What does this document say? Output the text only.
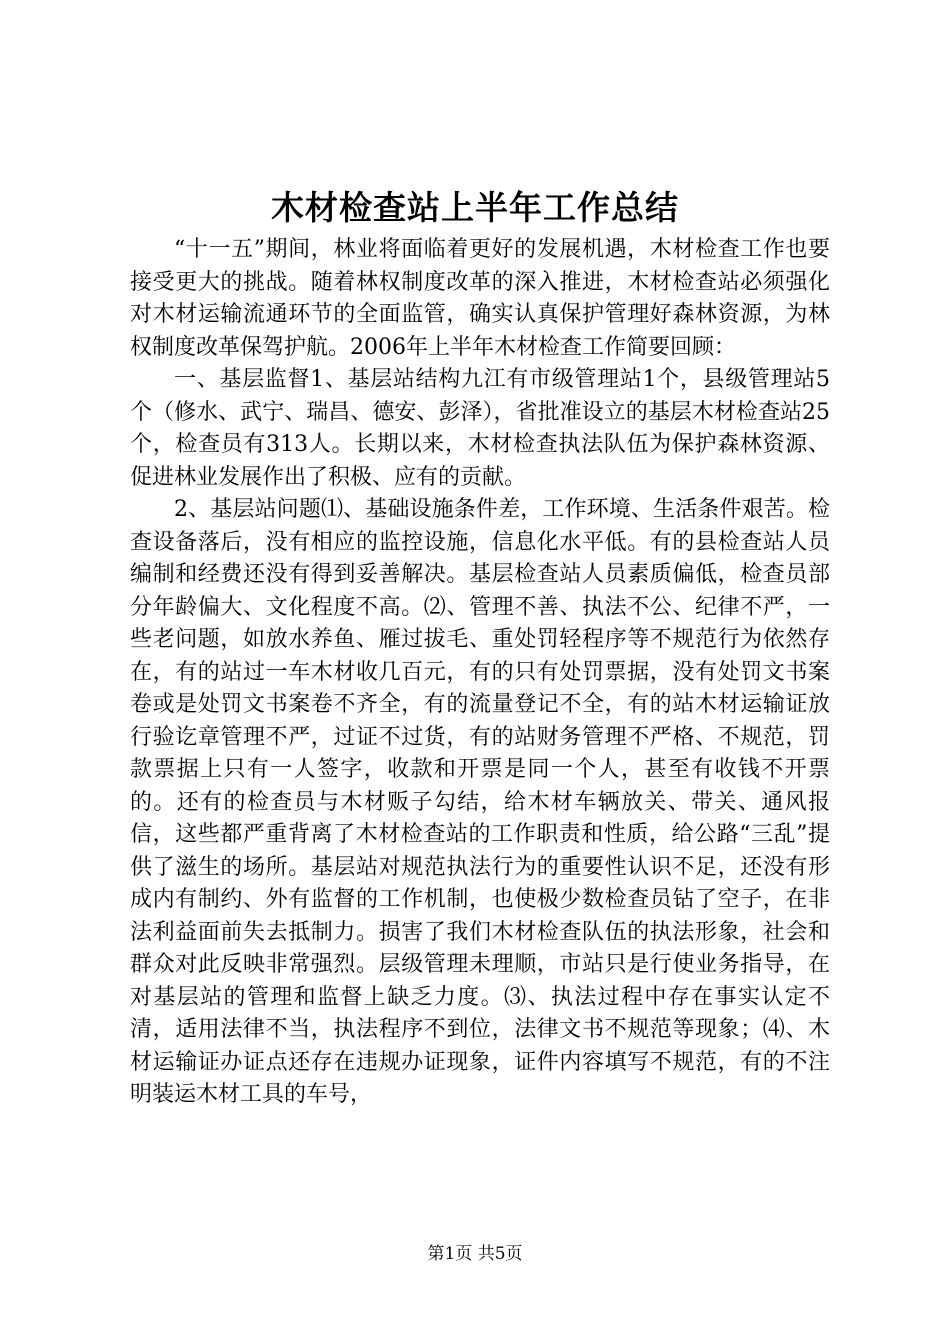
木材检查站上半年工作总结

“十一五”期间，林业将面临着更好的发展机遇，木材检查工作也要接受更大的挑战。随着林权制度改革的深入推进，木材检查站必须强化对木材运输流通环节的全面监管，确实认真保护管理好森林资源，为林权制度改革保驾护航。2006年上半年木材检查工作简要回顾：

一、基层监督1、基层站结构九江有市级管理站1个，县级管理站5个（修水、武宁、瑞昌、德安、彭泽），省批准设立的基层木材检查站25个，检查员有313人。长期以来，木材检查执法队伍为保护森林资源、促进林业发展作出了积极、应有的贡献。

2、基层站问题⑴、基础设施条件差，工作环境、生活条件艰苦。检查设备落后，没有相应的监控设施，信息化水平低。有的县检查站人员编制和经费还没有得到妥善解决。基层检查站人员素质偏低，检查员部分年龄偏大、文化程度不高。⑵、管理不善、执法不公、纪律不严，一些老问题，如放水养鱼、雁过拔毛、重处罚轻程序等不规范行为依然存在，有的站过一车木材收几百元，有的只有处罚票据，没有处罚文书案卷或是处罚文书案卷不齐全，有的流量登记不全，有的站木材运输证放行验讫章管理不严，过证不过货，有的站财务管理不严格、不规范，罚款票据上只有一人签字，收款和开票是同一个人，甚至有收钱不开票的。还有的检查员与木材贩子勾结，给木材车辆放关、带关、通风报信，这些都严重背离了木材检查站的工作职责和性质，给公路“三乱”提供了滋生的场所。基层站对规范执法行为的重要性认识不足，还没有形成内有制约、外有监督的工作机制，也使极少数检查员钻了空子，在非法利益面前失去抵制力。损害了我们木材检查队伍的执法形象，社会和群众对此反映非常强烈。层级管理未理顺，市站只是行使业务指导，在对基层站的管理和监督上缺乏力度。⑶、执法过程中存在事实认定不清，适用法律不当，执法程序不到位，法律文书不规范等现象；⑷、木材运输证办证点还存在违规办证现象，证件内容填写不规范，有的不注明装运木材工具的车号，

第1页 共5页
